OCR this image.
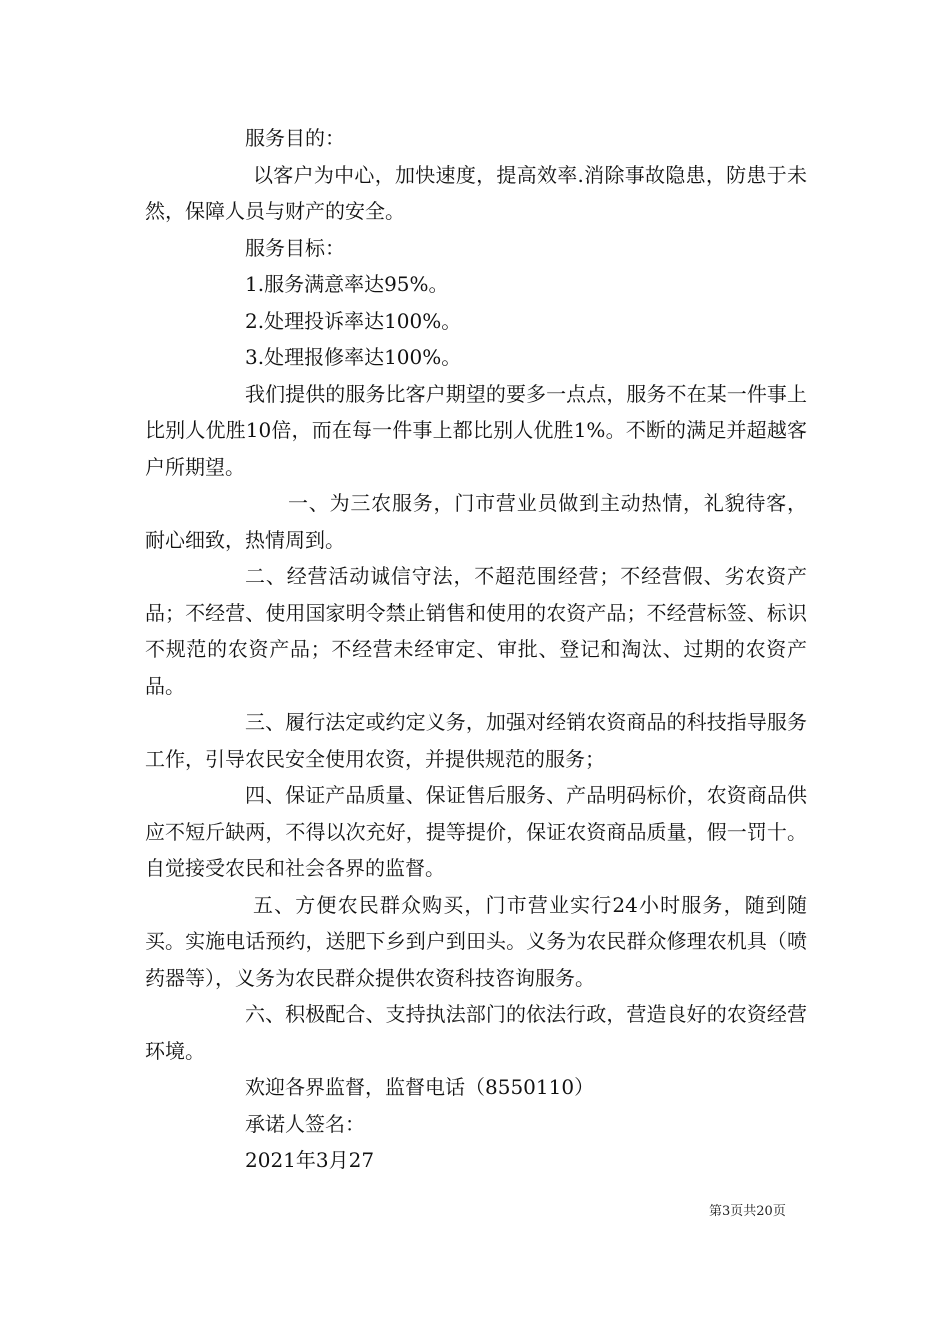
服务目的：

以客户为中心，加快速度，提高效率.消除事故隐患，防患于未然，保障人员与财产的安全。

服务目标：

1.服务满意率达95%。

2.处理投诉率达100%。

3.处理报修率达100%。

我们提供的服务比客户期望的要多一点点，服务不在某一件事上比别人优胜10倍，而在每一件事上都比别人优胜1%。不断的满足并超越客户所期望。

一、为三农服务，门市营业员做到主动热情，礼貌待客，耐心细致，热情周到。

二、经营活动诚信守法，不超范围经营；不经营假、劣农资产品；不经营、使用国家明令禁止销售和使用的农资产品；不经营标签、标识不规范的农资产品；不经营未经审定、审批、登记和淘汰、过期的农资产品。

三、履行法定或约定义务，加强对经销农资商品的科技指导服务工作，引导农民安全使用农资，并提供规范的服务；

四、保证产品质量、保证售后服务、产品明码标价，农资商品供应不短斤缺两，不得以次充好，提等提价，保证农资商品质量，假一罚十。自觉接受农民和社会各界的监督。

五、方便农民群众购买，门市营业实行24小时服务，随到随买。实施电话预约，送肥下乡到户到田头。义务为农民群众修理农机具（喷药器等），义务为农民群众提供农资科技咨询服务。

六、积极配合、支持执法部门的依法行政，营造良好的农资经营环境。

欢迎各界监督，监督电话（8550110）

承诺人签名：

2021年3月27

第3页共20页
